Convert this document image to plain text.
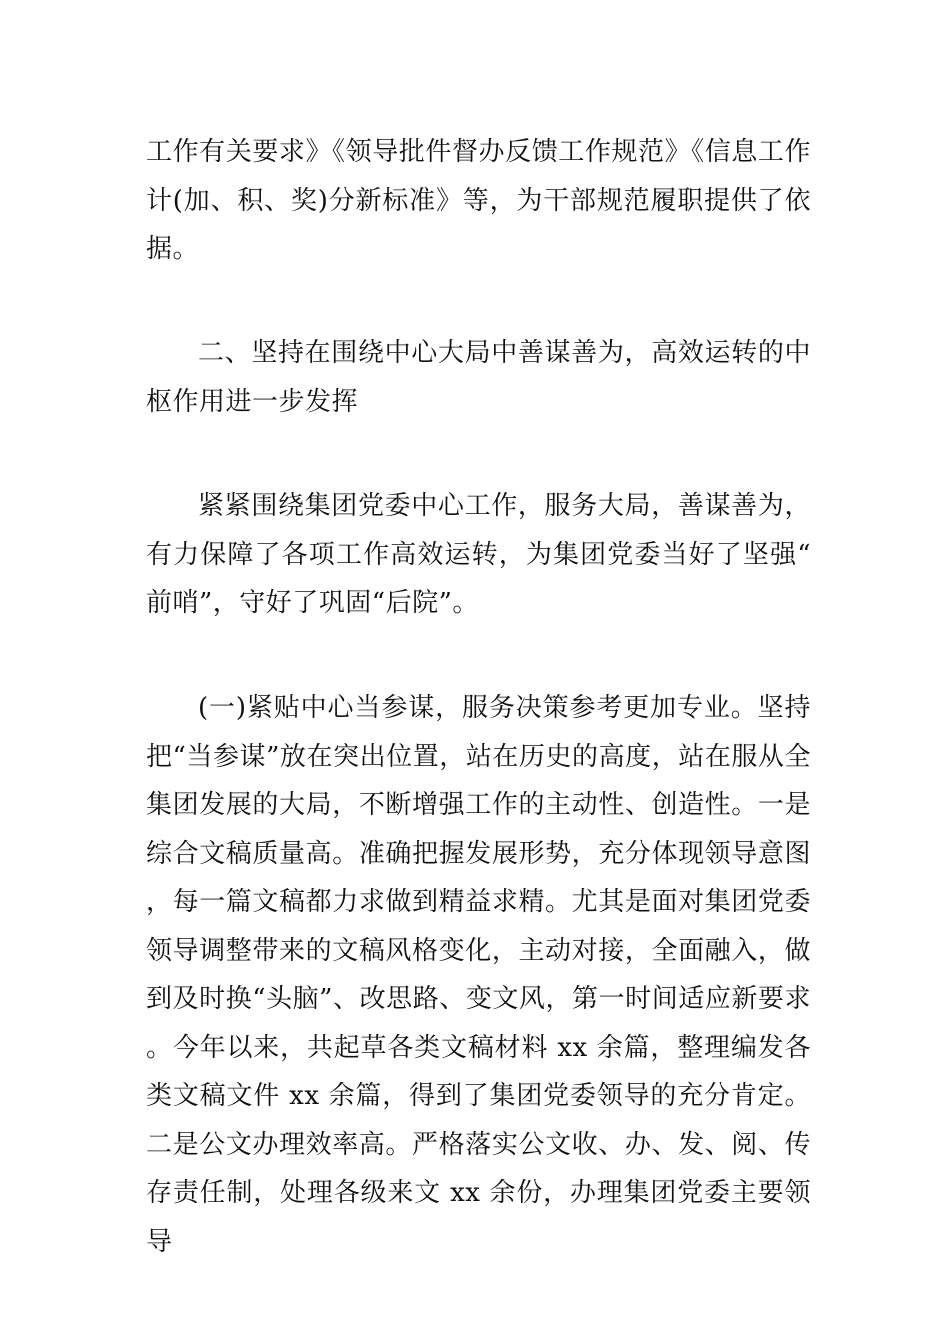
工作有关要求》《领导批件督办反馈工作规范》《信息工作计(加、积、奖)分新标准》等，为干部规范履职提供了依据。

二、坚持在围绕中心大局中善谋善为，高效运转的中枢作用进一步发挥

紧紧围绕集团党委中心工作，服务大局，善谋善为，有力保障了各项工作高效运转，为集团党委当好了坚强“前哨”，守好了巩固“后院”。

(一)紧贴中心当参谋，服务决策参考更加专业。坚持把“当参谋”放在突出位置，站在历史的高度，站在服从全集团发展的大局，不断增强工作的主动性、创造性。一是综合文稿质量高。准确把握发展形势，充分体现领导意图，每一篇文稿都力求做到精益求精。尤其是面对集团党委领导调整带来的文稿风格变化，主动对接，全面融入，做到及时换“头脑”、改思路、变文风，第一时间适应新要求。今年以来，共起草各类文稿材料 xx 余篇，整理编发各类文稿文件 xx 余篇，得到了集团党委领导的充分肯定。二是公文办理效率高。严格落实公文收、办、发、阅、传存责任制，处理各级来文 xx 余份，办理集团党委主要领导
